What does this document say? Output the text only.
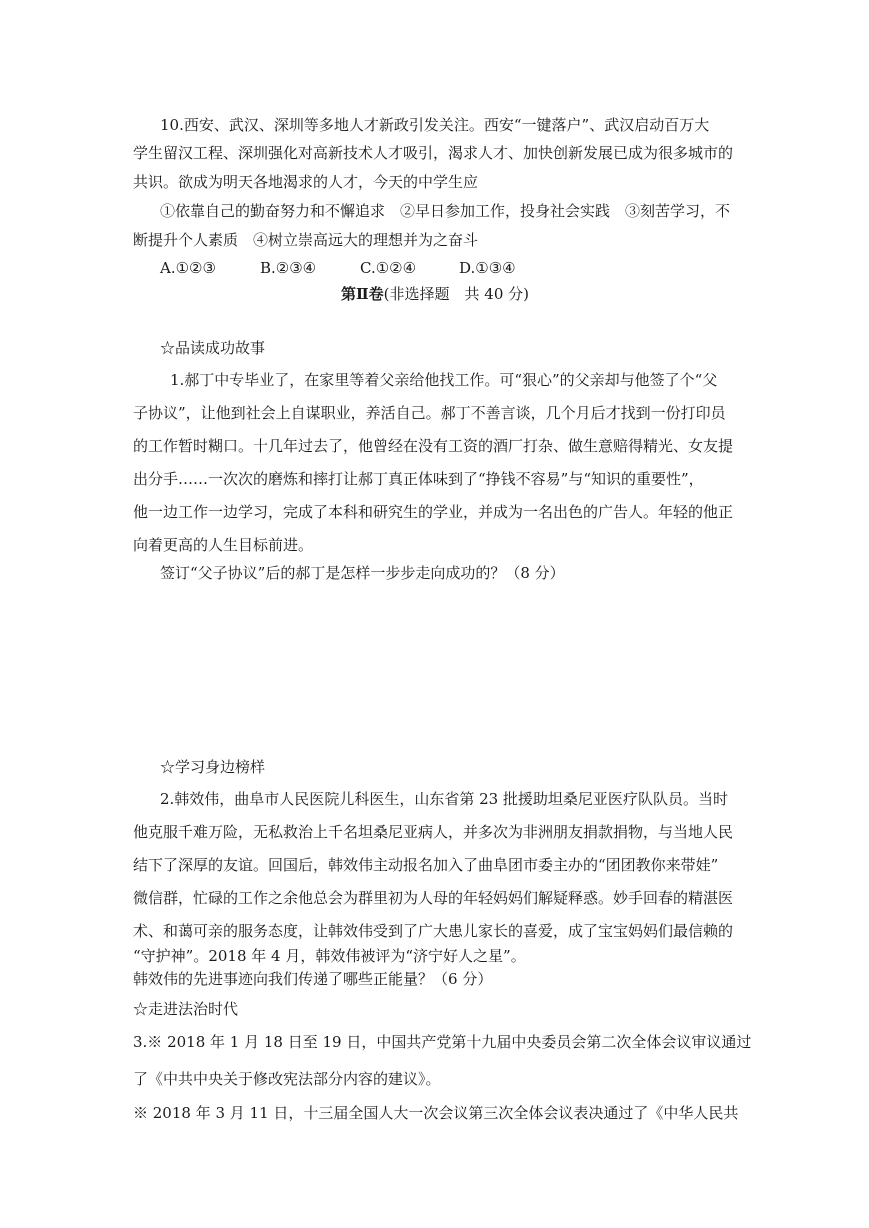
10.西安、武汉、深圳等多地人才新政引发关注。西安“一键落户”、武汉启动百万大
学生留汉工程、深圳强化对高新技术人才吸引，渴求人才、加快创新发展已成为很多城市的
共识。欲成为明天各地渴求的人才，今天的中学生应
①依靠自己的勤奋努力和不懈追求　②早日参加工作，投身社会实践　③刻苦学习，不
断提升个人素质　④树立崇高远大的理想并为之奋斗
A.①②③	B.②③④	C.①②④	D.①③④
第Ⅱ卷(非选择题　共 40 分)
☆品读成功故事
1.郝丁中专毕业了，在家里等着父亲给他找工作。可“狠心”的父亲却与他签了个“父
子协议”，让他到社会上自谋职业，养活自己。郝丁不善言谈，几个月后才找到一份打印员
的工作暂时糊口。十几年过去了，他曾经在没有工资的酒厂打杂、做生意赔得精光、女友提
出分手……一次次的磨炼和摔打让郝丁真正体味到了“挣钱不容易”与“知识的重要性”，
他一边工作一边学习，完成了本科和研究生的学业，并成为一名出色的广告人。年轻的他正
向着更高的人生目标前进。
签订“父子协议”后的郝丁是怎样一步步走向成功的？（8 分）
☆学习身边榜样
2.韩效伟，曲阜市人民医院儿科医生，山东省第 23 批援助坦桑尼亚医疗队队员。当时
他克服千难万险，无私救治上千名坦桑尼亚病人，并多次为非洲朋友捐款捐物，与当地人民
结下了深厚的友谊。回国后，韩效伟主动报名加入了曲阜团市委主办的“团团教你来带娃”
微信群，忙碌的工作之余他总会为群里初为人母的年轻妈妈们解疑释惑。妙手回春的精湛医
术、和蔼可亲的服务态度，让韩效伟受到了广大患儿家长的喜爱，成了宝宝妈妈们最信赖的
“守护神”。2018 年 4 月，韩效伟被评为“济宁好人之星”。
韩效伟的先进事迹向我们传递了哪些正能量？（6 分）
☆走进法治时代
3.※ 2018 年 1 月 18 日至 19 日，中国共产党第十九届中央委员会第二次全体会议审议通过
了《中共中央关于修改宪法部分内容的建议》。
※ 2018 年 3 月 11 日，十三届全国人大一次会议第三次全体会议表决通过了《中华人民共
